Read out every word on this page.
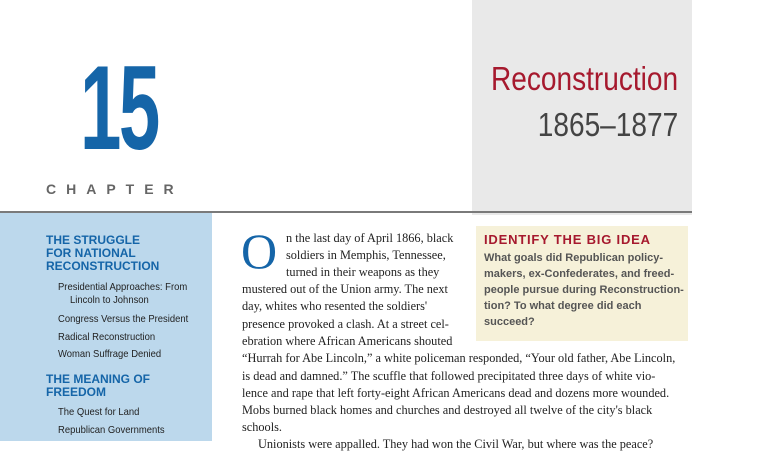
15
CHAPTER
Reconstruction
1865–1877
THE STRUGGLE
FOR NATIONAL
RECONSTRUCTION
Presidential Approaches: From
Lincoln to Johnson
Congress Versus the President
Radical Reconstruction
Woman Suffrage Denied
THE MEANING OF
FREEDOM
The Quest for Land
Republican Governments
O n the last day of April 1866, black
soldiers in Memphis, Tennessee,
turned in their weapons as they
mustered out of the Union army. The next
day, whites who resented the soldiers'
presence provoked a clash. At a street cel-
ebration where African Americans shouted
“Hurrah for Abe Lincoln,” a white policeman responded, “Your old father, Abe Lincoln,
is dead and damned.” The scuffle that followed precipitated three days of white vio-
lence and rape that left forty-eight African Americans dead and dozens more wounded.
Mobs burned black homes and churches and destroyed all twelve of the city's black
schools.
Unionists were appalled. They had won the Civil War, but where was the peace?
IDENTIFY THE BIG IDEA
What goals did Republican policy-
makers, ex-Confederates, and freed-
people pursue during Reconstruction-
tion? To what degree did each
succeed?
